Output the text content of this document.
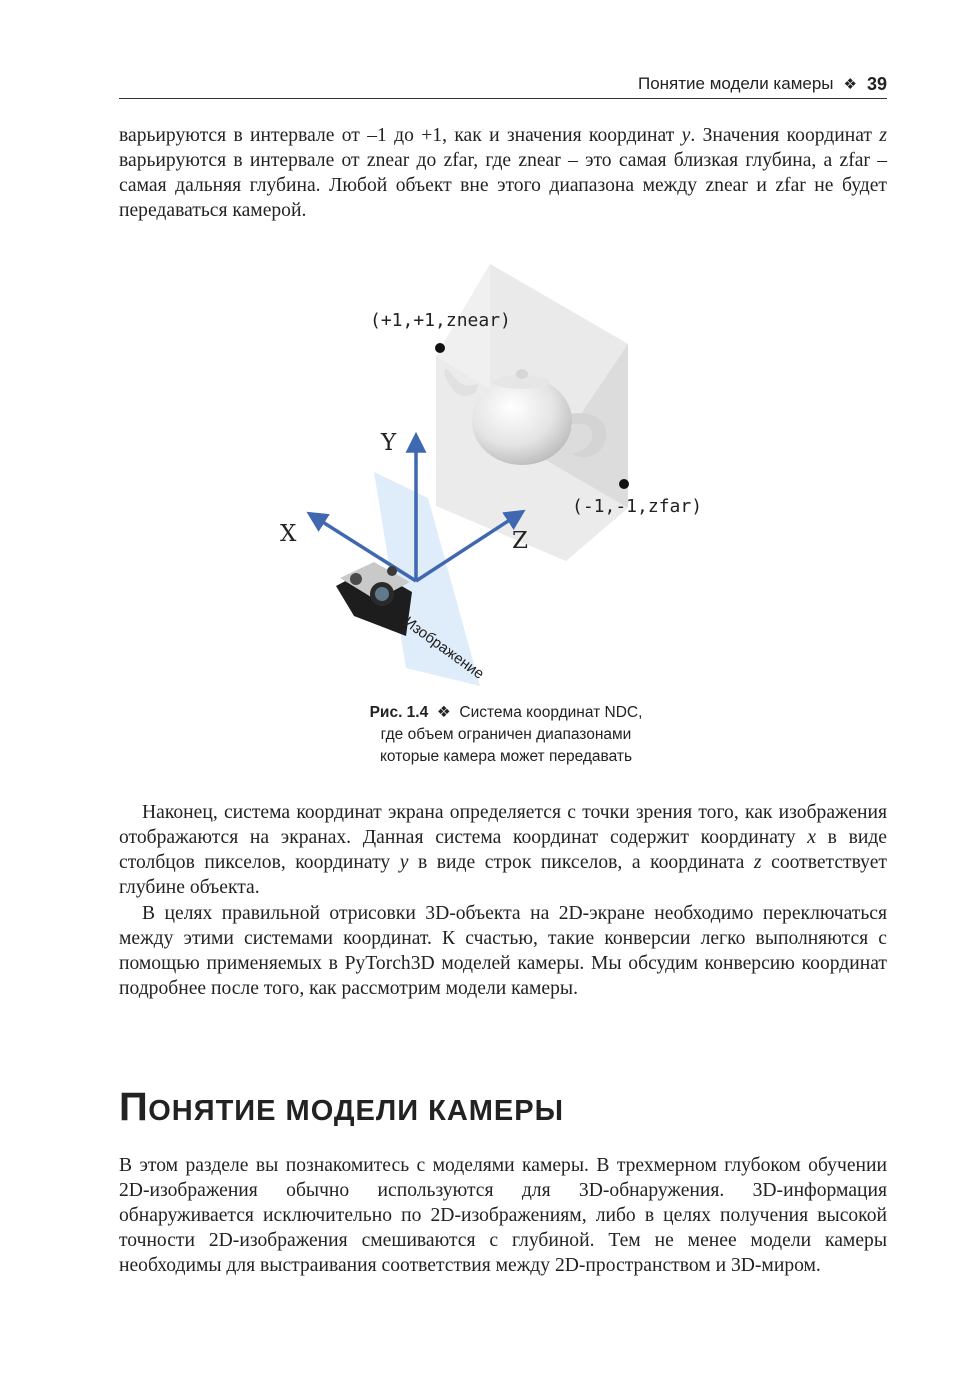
Понятие модели камеры ❖ 39

варьируются в интервале от –1 до +1, как и значения координат y. Значения координат z варьируются в интервале от znear до zfar, где znear – это самая близкая глубина, а zfar – самая дальняя глубина. Любой объект вне этого диапазона между znear и zfar не будет передаваться камерой.

(+1,+1,znear)
(-1,-1,zfar)
Y
X	Z
Изображение
Рис. 1.4 ❖ Система координат NDC,
где объем ограничен диапазонами
которые камера может передавать

Наконец, система координат экрана определяется с точки зрения того, как изображения отображаются на экранах. Данная система координат содержит координату x в виде столбцов пикселов, координату y в виде строк пикселов, а координата z соответствует глубине объекта.

В целях правильной отрисовки 3D-объекта на 2D-экране необходимо переключаться между этими системами координат. К счастью, такие конверсии легко выполняются с помощью применяемых в PyTorch3D моделей камеры. Мы обсудим конверсию координат подробнее после того, как рассмотрим модели камеры.

ПОНЯТИЕ МОДЕЛИ КАМЕРЫ

В этом разделе вы познакомитесь с моделями камеры. В трехмерном глубоком обучении 2D-изображения обычно используются для 3D-обнаружения. 3D-информация обнаруживается исключительно по 2D-изображениям, либо в целях получения высокой точности 2D-изображения смешиваются с глубиной. Тем не менее модели камеры необходимы для выстраивания соответствия между 2D-пространством и 3D-миром.
